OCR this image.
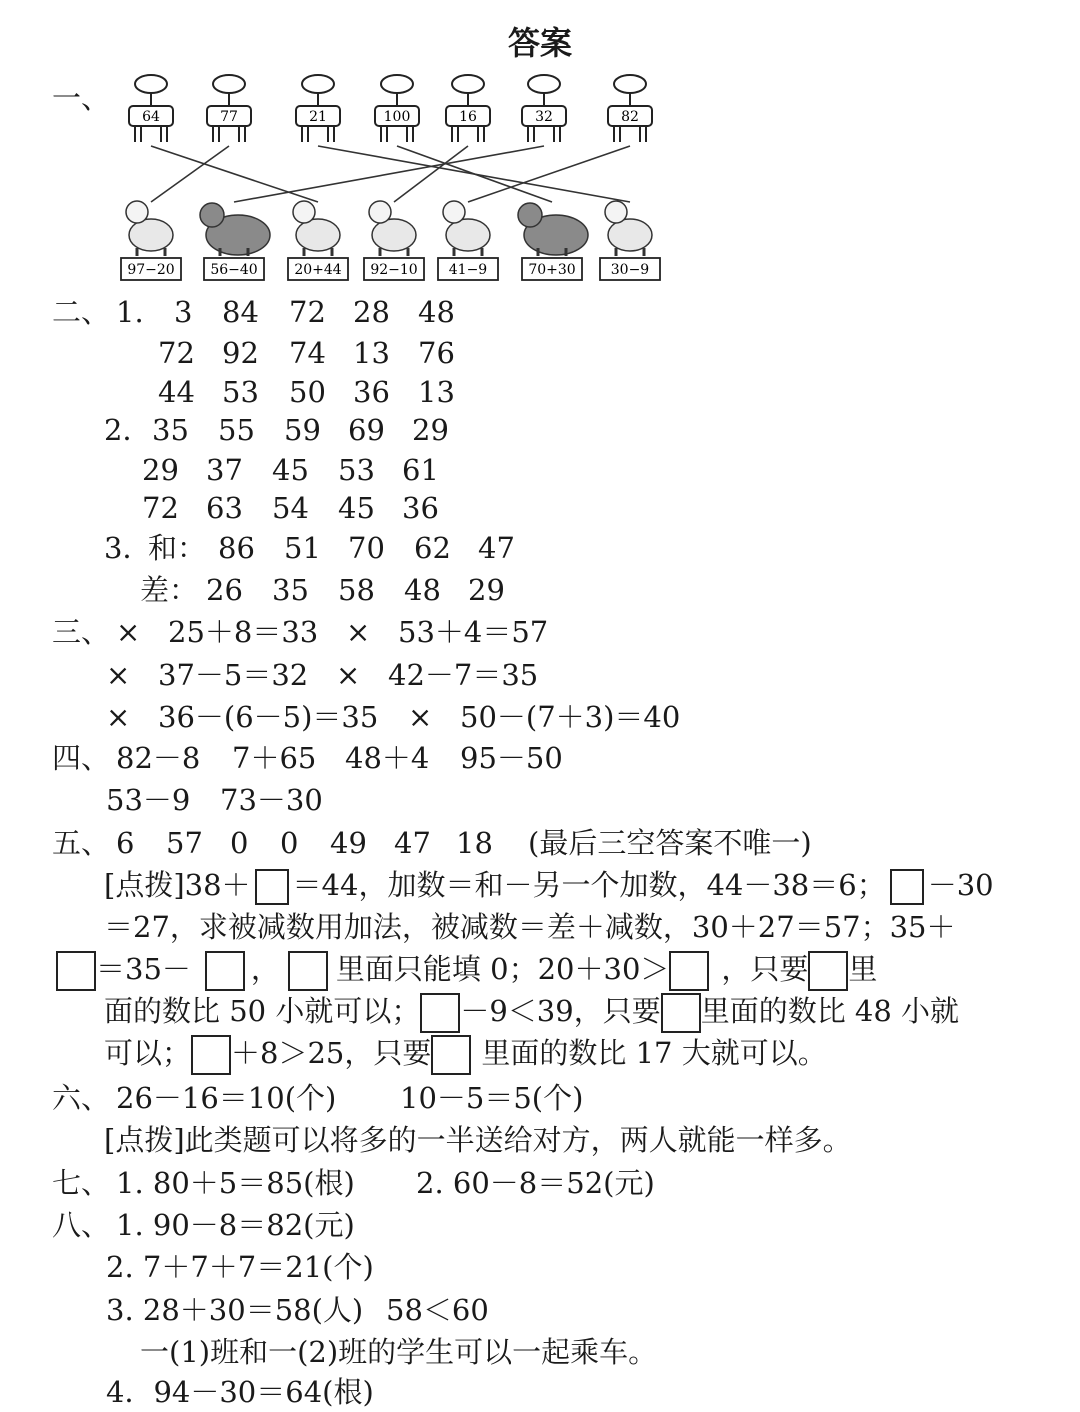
答案
一、
64	77	21	100	16	32	82
97−20	56−40	20+44 92−10 41−9	70+30	30−9
二、 1. 3 84 72 28 48
72 92 74 13 76
44 53 50 36 13
2． 35 55 59 69 29
29 37 45 53 61
72 63 54 45 36
3．
和： 86 51 70 62 47
差： 26 35 58 48 29
三、 × 25＋8＝33 × 53＋4＝57
× 37－5＝32 × 42－7＝35
× 36－(6－5)＝35 × 50－(7＋3)＝40
四、 82－8 7＋65 48＋4 95－50
53－9 73－30
五、 6 57 0 0 49 47 18 (最后三空答案不唯一)
[点拨]38＋ ＝44，加数＝和－另一个加数，44－38＝6； －30
＝27，求被减数用加法，被减数＝差＋减数，30＋27＝57；35＋
＝35－ ， 里面只能填 0；20＋30＞ ，只要 里
面的数比 50 小就可以； －9＜39，只要 里面的数比 48 小就
可以； ＋8＞25，只要 里面的数比 17 大就可以。
六、 26－16＝10(个) 10－5＝5(个)
[点拨]此类题可以将多的一半送给对方，两人就能一样多。
七、 1. 80＋5＝85(根) 2. 60－8＝52(元)
八、 1. 90－8＝82(元)
2. 7＋7＋7＝21(个)
3. 28＋30＝58(人) 58＜60
一(1)班和一(2)班的学生可以一起乘车。
4．94－30＝64(根)
